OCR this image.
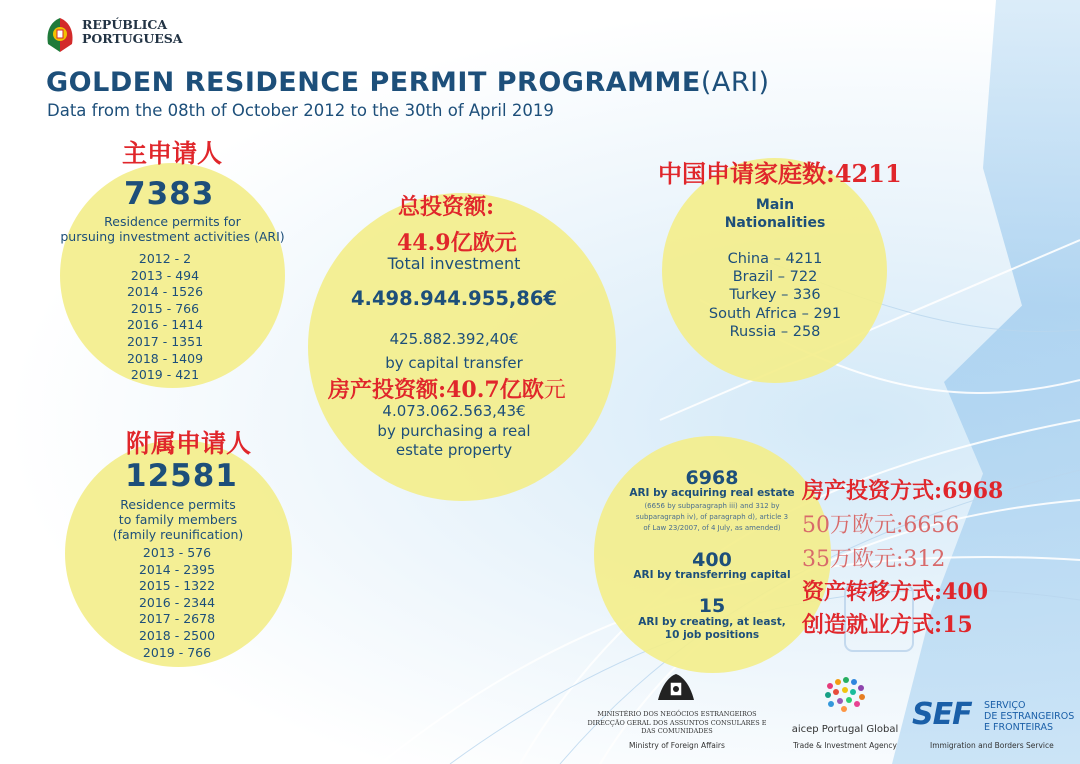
REPÚBLICA
PORTUGUESA
GOLDEN RESIDENCE PERMIT PROGRAMME(ARI)
Data from the 08th of October 2012 to the 30th of April 2019
主申请人
7383
Residence permits for
pursuing investment activities (ARI)
2012 - 2
2013 - 494
2014 - 1526
2015 - 766
2016 - 1414
2017 - 1351
2018 - 1409
2019 - 421
总投资额:
44.9亿欧元
Total investment
4.498.944.955,86€
425.882.392,40€
by capital transfer
房产投资额:40.7亿欧元
4.073.062.563,43€
by purchasing a real
estate property
中国申请家庭数:4211
Main
Nationalities
China – 4211
Brazil – 722
Turkey – 336
South Africa – 291
Russia – 258
附属申请人
12581
Residence permits
to family members
(family reunification)
2013 - 576
2014 - 2395
2015 - 1322
2016 - 2344
2017 - 2678
2018 - 2500
2019 - 766
6968
ARI by acquiring real estate
(6656 by subparagraph iii) and 312 by
subparagraph iv), of paragraph d), article 3
of Law 23/2007, of 4 July, as amended)
400
ARI by transferring capital
15
ARI by creating, at least,
10 job positions
房产投资方式:6968
50万欧元:6656
35万欧元:312
资产转移方式:400
创造就业方式:15
MINISTÉRIO DOS NEGÓCIOS ESTRANGEIROS
DIRECÇÃO GERAL DOS ASSUNTOS CONSULARES E
DAS COMUNIDADES
Ministry of Foreign Affairs
aicep Portugal Global
Trade & Investment Agency
SEF SERVIÇO
DE ESTRANGEIROS
E FRONTEIRAS
Immigration and Borders Service
